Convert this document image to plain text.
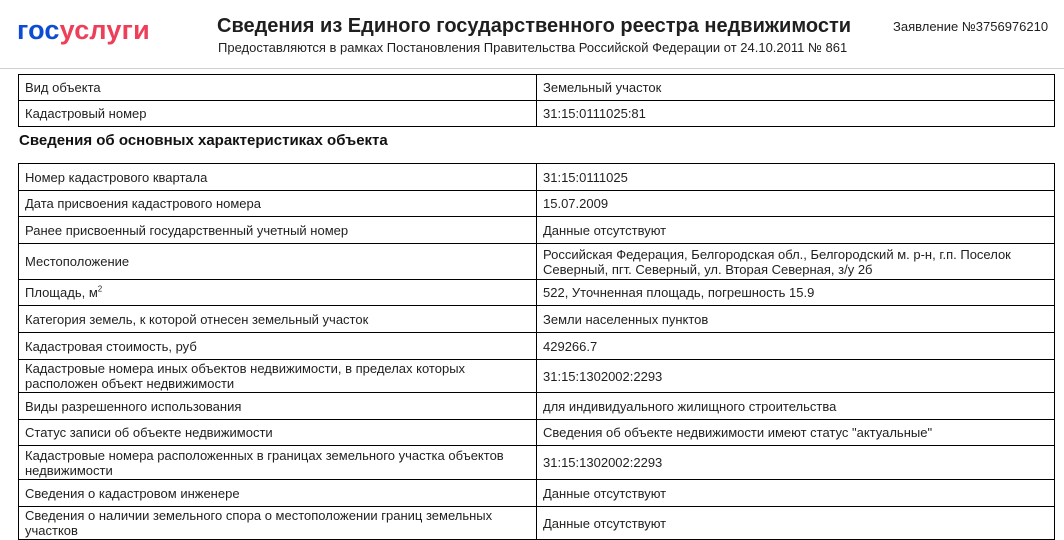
госуслуги	Сведения из Единого государственного реестра недвижимости
Предоставляются в рамках Постановления Правительства Российской Федерации от 24.10.2011 № 861
Заявление №3756976210
Вид объекта	Земельный участок
Кадастровый номер	31:15:0111025:81
Сведения об основных характеристиках объекта
Номер кадастрового квартала	31:15:0111025
Дата присвоения кадастрового номера	15.07.2009
Ранее присвоенный государственный учетный номер	Данные отсутствуют
Местоположение	Российская Федерация, Белгородская обл., Белгородский м. р-н, г.п. Поселок Северный, пгт. Северный, ул. Вторая Северная, з/у 2б
Площадь, $м^2$	522, Уточненная площадь, погрешность 15.9
Категория земель, к которой отнесен земельный участок	Земли населенных пунктов
Кадастровая стоимость, руб	429266.7
Кадастровые номера иных объектов недвижимости, в пределах которых расположен объект недвижимости	31:15:1302002:2293
Виды разрешенного использования	для индивидуального жилищного строительства
Статус записи об объекте недвижимости	Сведения об объекте недвижимости имеют статус "актуальные"
Кадастровые номера расположенных в границах земельного участка объектов недвижимости	31:15:1302002:2293
Сведения о кадастровом инженере	Данные отсутствуют
Сведения о наличии земельного спора о местоположении границ земельных участков	Данные отсутствуют
